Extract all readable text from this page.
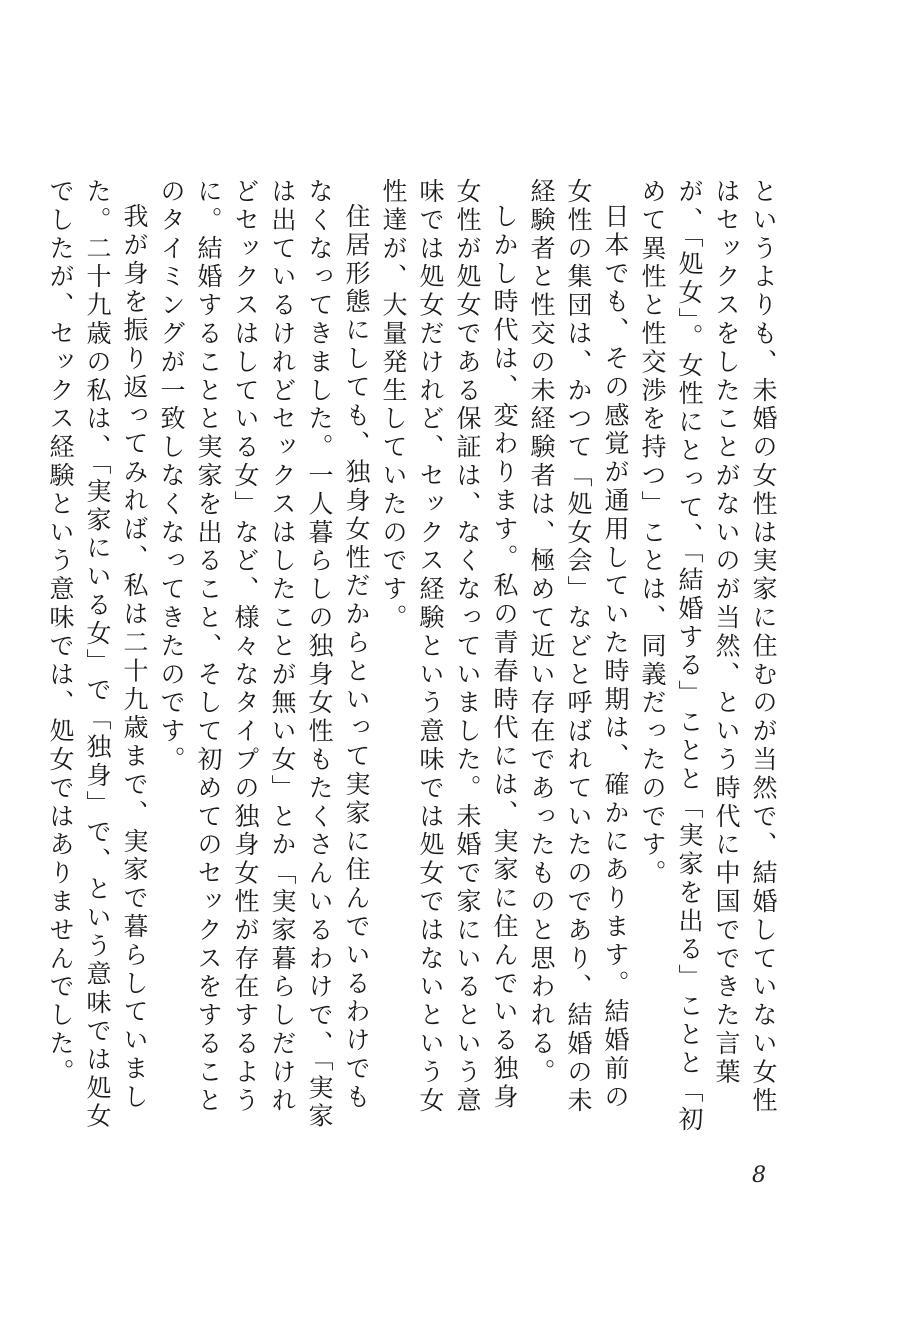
というよりも、未婚の女性は実家に住むのが当然で、結婚していない女性はセックスをしたことがないのが当然、という時代に中国でできた言葉が、「処女」。女性にとって、「結婚する」ことと「実家を出る」ことと「初めて異性と性交渉を持つ」ことは、同義だったのです。

日本でも、その感覚が通用していた時期は、確かにあります。結婚前の女性の集団は、かつて「処女会」などと呼ばれていたのであり、結婚の未経験者と性交の未経験者は、極めて近い存在であったものと思われる。

しかし時代は、変わります。私の青春時代には、実家に住んでいる独身女性が処女である保証は、なくなっていました。未婚で家にいるという意味では処女だけれど、セックス経験という意味では処女ではないという女性達が、大量発生していたのです。

住居形態にしても、独身女性だからといって実家に住んでいるわけでもなくなってきました。一人暮らしの独身女性もたくさんいるわけで、「実家は出ているけれどセックスはしたことが無い女」とか「実家暮らしだけれどセックスはしている女」など、様々なタイプの独身女性が存在するように。結婚することと実家を出ること、そして初めてのセックスをすることのタイミングが一致しなくなってきたのです。

我が身を振り返ってみれば、私は二十九歳まで、実家で暮らしていました。二十九歳の私は、「実家にいる女」で「独身」で、という意味では処女でしたが、セックス経験という意味では、処女ではありませんでした。

8
